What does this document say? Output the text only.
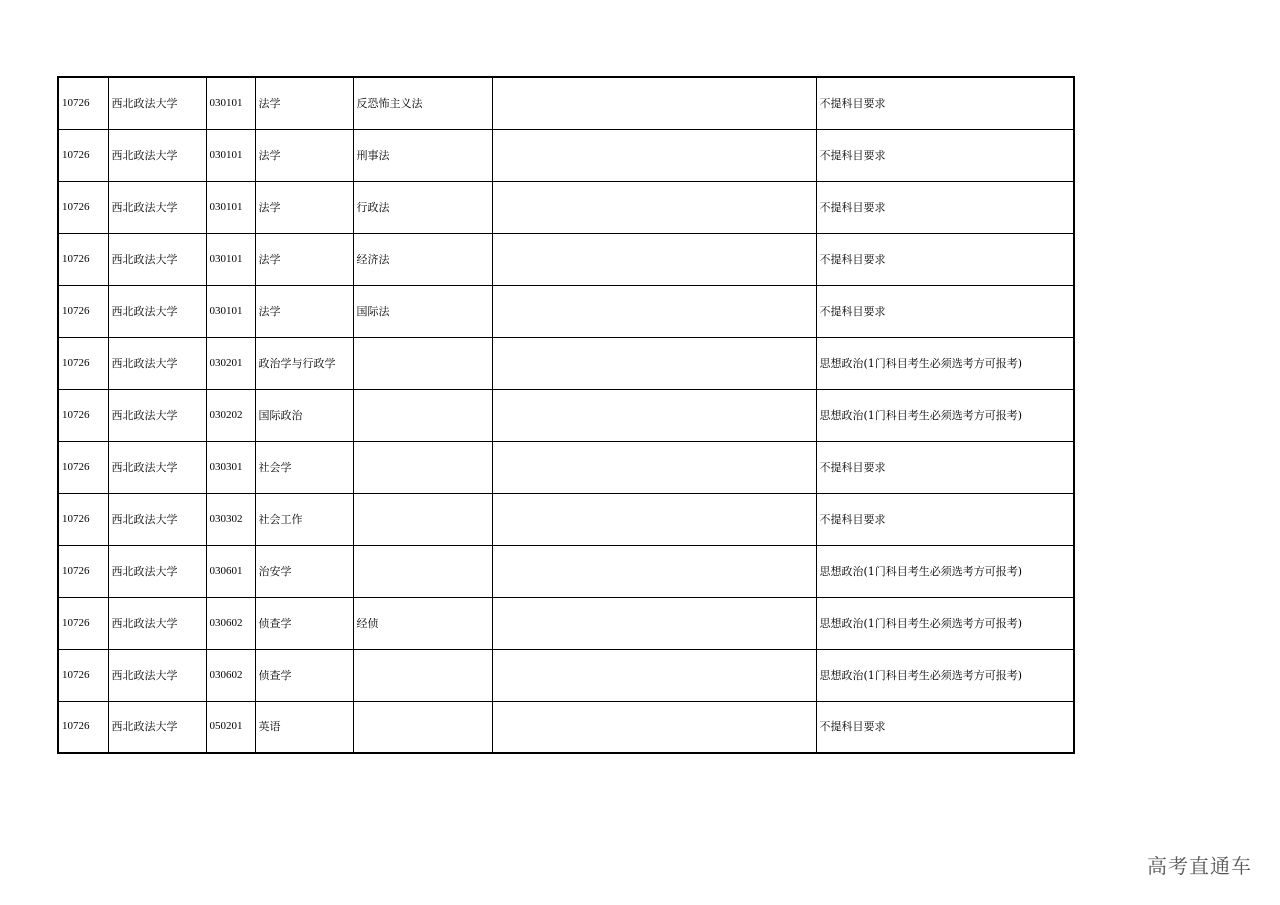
10726	西北政法大学	030101	法学	反恐怖主义法		不提科目要求
10726	西北政法大学	030101	法学	刑事法		不提科目要求
10726	西北政法大学	030101	法学	行政法		不提科目要求
10726	西北政法大学	030101	法学	经济法		不提科目要求
10726	西北政法大学	030101	法学	国际法		不提科目要求
10726	西北政法大学	030201	政治学与行政学			思想政治(1门科目考生必须选考方可报考)
10726	西北政法大学	030202	国际政治			思想政治(1门科目考生必须选考方可报考)
10726	西北政法大学	030301	社会学			不提科目要求
10726	西北政法大学	030302	社会工作			不提科目要求
10726	西北政法大学	030601	治安学			思想政治(1门科目考生必须选考方可报考)
10726	西北政法大学	030602	侦查学	经侦		思想政治(1门科目考生必须选考方可报考)
10726	西北政法大学	030602	侦查学			思想政治(1门科目考生必须选考方可报考)
10726	西北政法大学	050201	英语			不提科目要求
高考直通车
